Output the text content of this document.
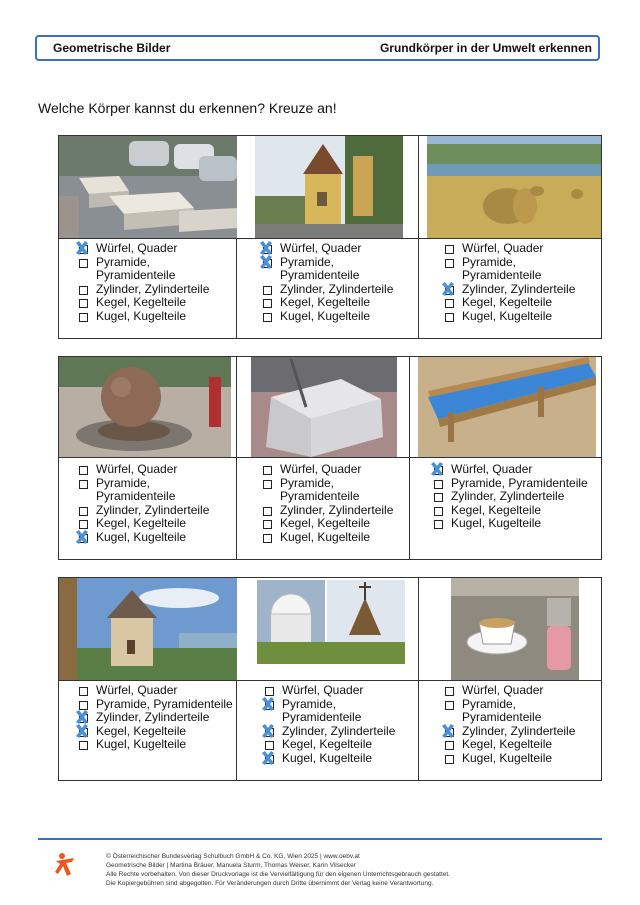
Geometrische Bilder	Grundkörper in der Umwelt erkennen
Welche Körper kannst du erkennen? Kreuze an!
Würfel, Quader
Pyramide,
Pyramidenteile
Zylinder, Zylinderteile
Kegel, Kegelteile
Kugel, Kugelteile
Würfel, Quader
Pyramide,
Pyramidenteile
Zylinder, Zylinderteile
Kegel, Kegelteile
Kugel, Kugelteile
Würfel, Quader
Pyramide,
Pyramidenteile
Zylinder, Zylinderteile
Kegel, Kegelteile
Kugel, Kugelteile
Würfel, Quader
Pyramide,
Pyramidenteile
Zylinder, Zylinderteile
Kegel, Kegelteile
Kugel, Kugelteile
Würfel, Quader
Pyramide,
Pyramidenteile
Zylinder, Zylinderteile
Kegel, Kegelteile
Kugel, Kugelteile
Würfel, Quader
Pyramide, Pyramidenteile
Zylinder, Zylinderteile
Kegel, Kegelteile
Kugel, Kugelteile
Würfel, Quader
Pyramide, Pyramidenteile
Zylinder, Zylinderteile
Kegel, Kegelteile
Kugel, Kugelteile
Würfel, Quader
Pyramide,
Pyramidenteile
Zylinder, Zylinderteile
Kegel, Kegelteile
Kugel, Kugelteile
Würfel, Quader
Pyramide,
Pyramidenteile
Zylinder, Zylinderteile
Kegel, Kegelteile
Kugel, Kugelteile
© Österreichischer Bundesverlag Schulbuch GmbH & Co. KG, Wien 2025 | www.oebv.at
Geometrische Bilder | Martina Bräuer, Manuela Sturm, Thomas Weiser, Karin Vilsecker
Alle Rechte vorbehalten. Von dieser Druckvorlage ist die Vervielfältigung für den eigenen Unterrichtsgebrauch gestattet.
Die Kopiergebühren sind abgegolten. Für Veränderungen durch Dritte übernimmt der Verlag keine Verantwortung.
